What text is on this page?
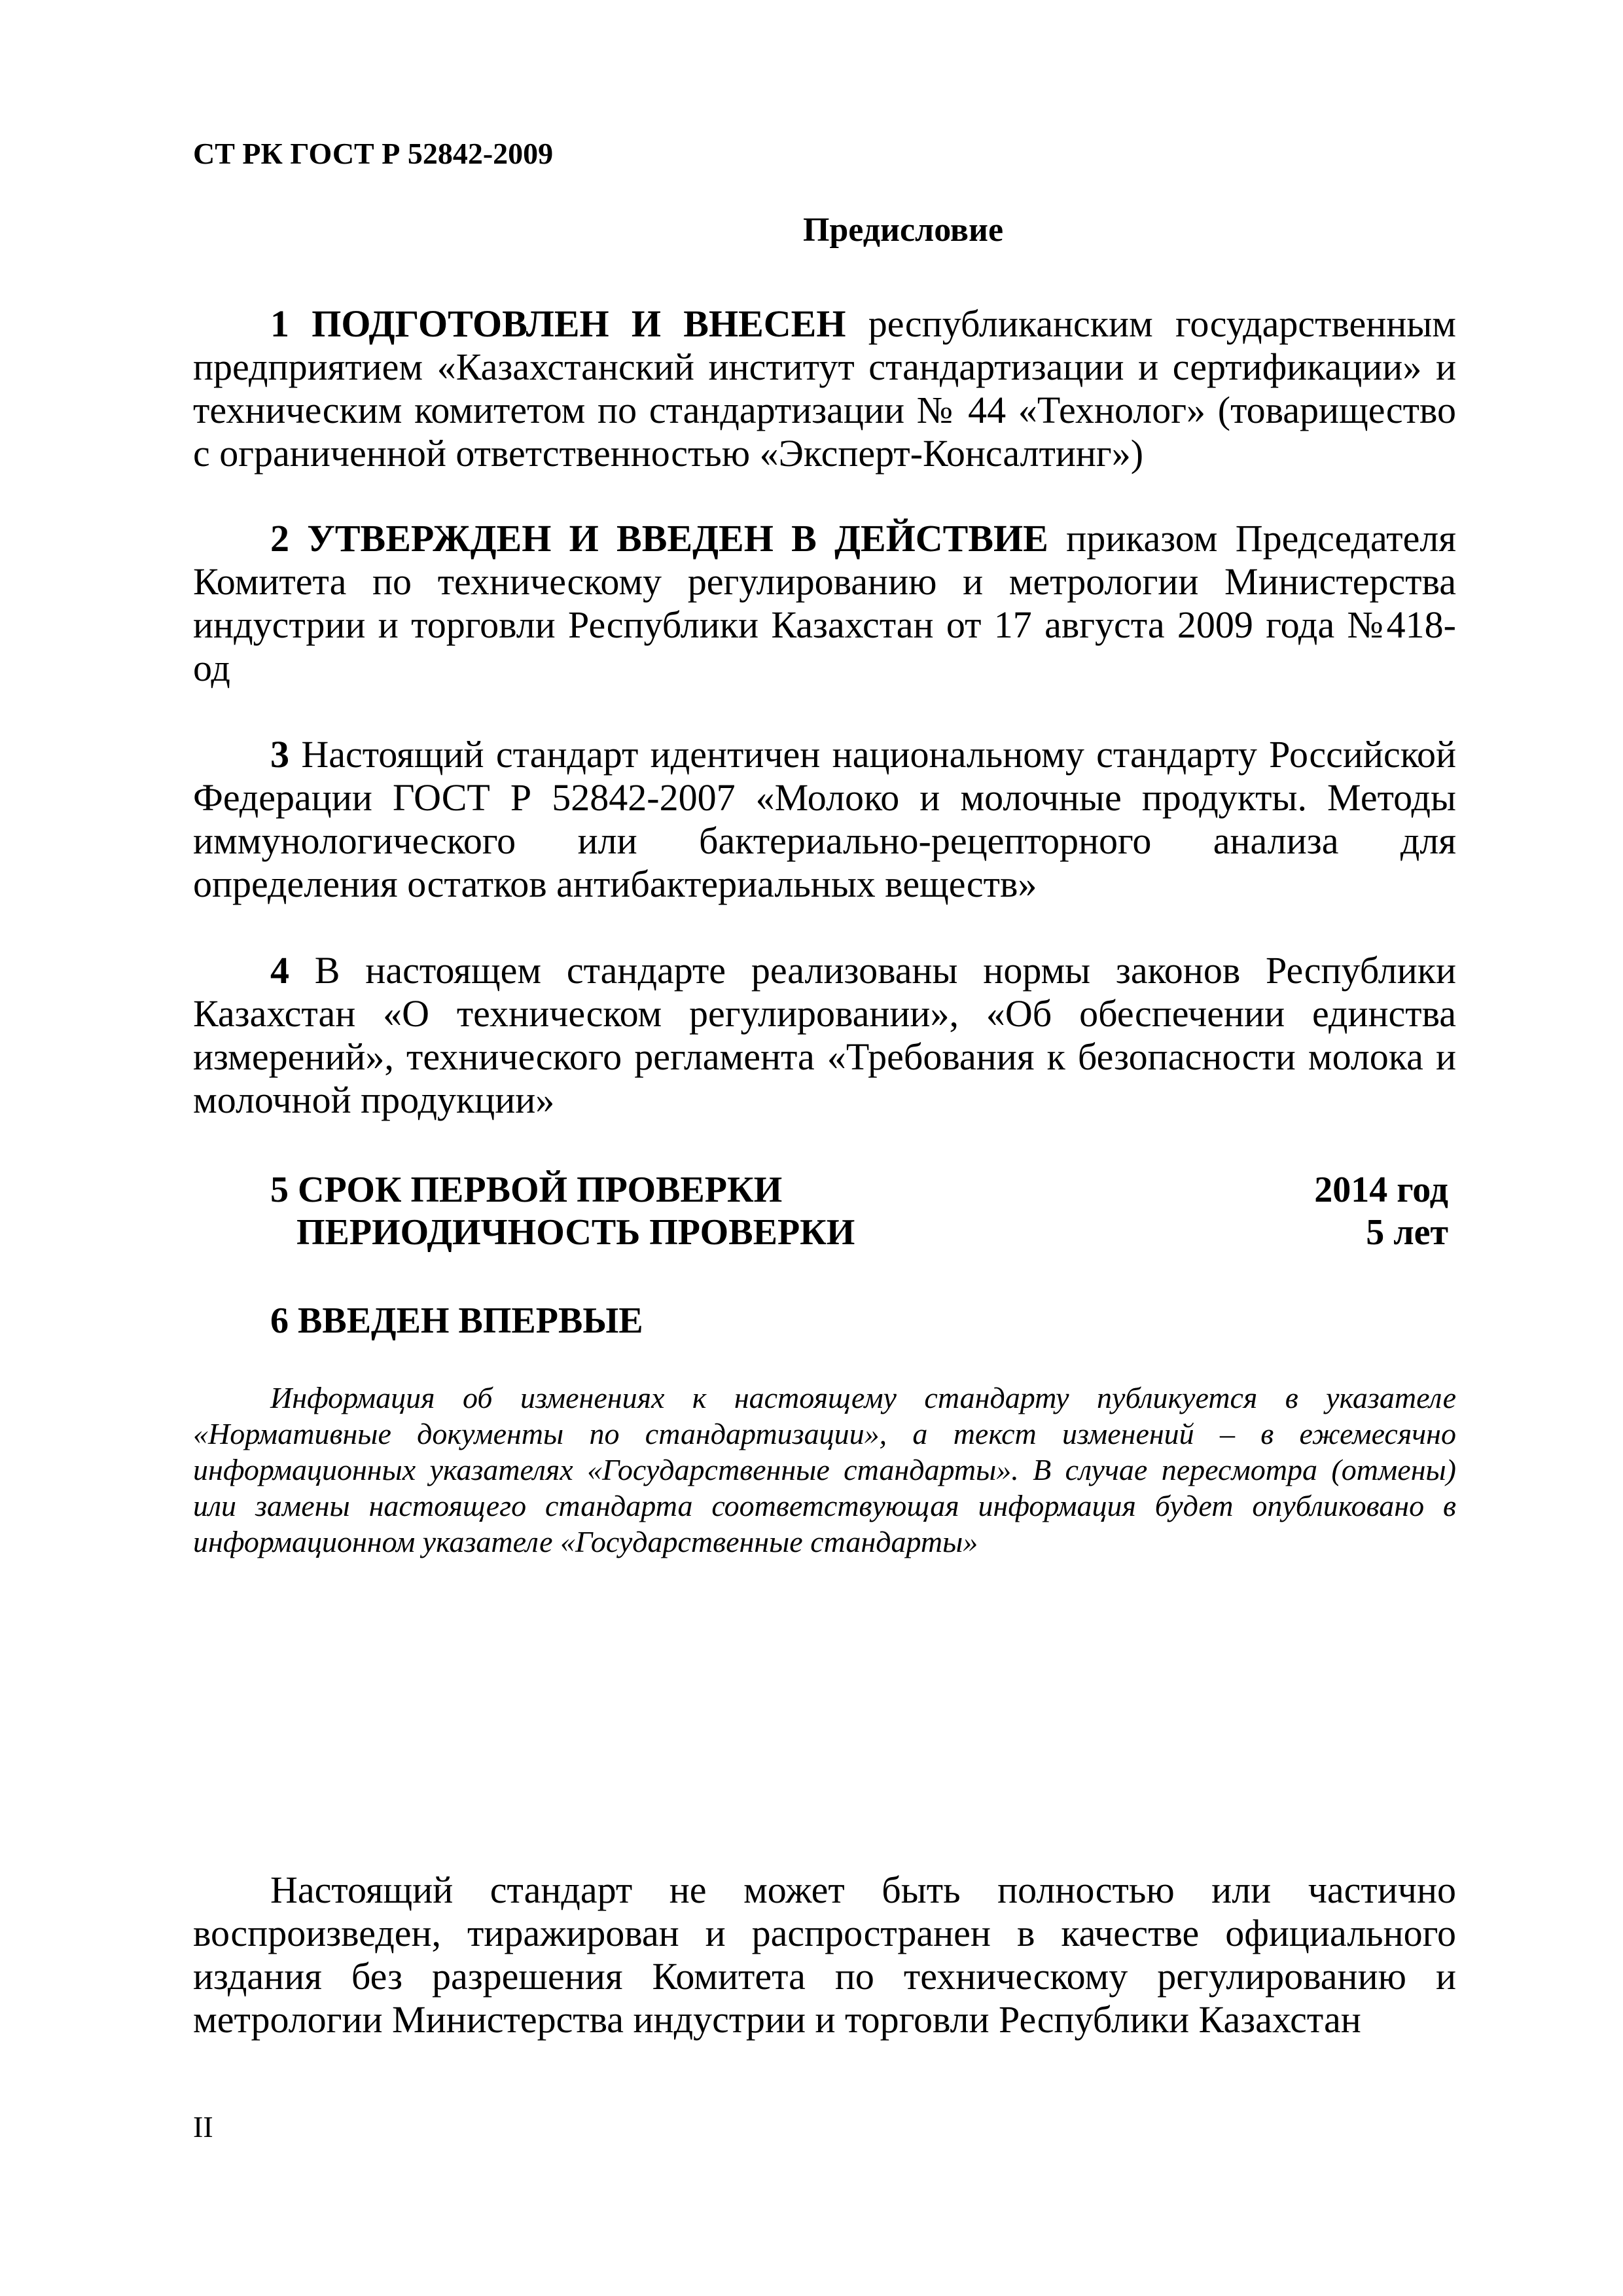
СТ РК ГОСТ Р 52842-2009
Предисловие

1 ПОДГОТОВЛЕН И ВНЕСЕН республиканским государственным предприятием «Казахстанский институт стандартизации и сертификации» и техническим комитетом по стандартизации № 44 «Технолог» (товарищество с ограниченной ответственностью «Эксперт-Консалтинг»)

2 УТВЕРЖДЕН И ВВЕДЕН В ДЕЙСТВИЕ приказом Председателя Комитета по техническому регулированию и метрологии Министерства индустрии и торговли Республики Казахстан от 17 августа 2009 года №418-од

3 Настоящий стандарт идентичен национальному стандарту Российской Федерации ГОСТ Р 52842-2007 «Молоко и молочные продукты. Методы иммунологического или бактериально-рецепторного анализа для определения остатков антибактериальных веществ»

4 В настоящем стандарте реализованы нормы законов Республики Казахстан «О техническом регулировании», «Об обеспечении единства измерений», технического регламента «Требования к безопасности молока и молочной продукции»

5 СРОК ПЕРВОЙ ПРОВЕРКИ	2014 год
ПЕРИОДИЧНОСТЬ ПРОВЕРКИ	5 лет
6 ВВЕДЕН ВПЕРВЫЕ

Информация об изменениях к настоящему стандарту публикуется в указателе «Нормативные документы по стандартизации», а текст изменений – в ежемесячно информационных указателях «Государственные стандарты». В случае пересмотра (отмены) или замены настоящего стандарта соответствующая информация будет опубликовано в информационном указателе «Государственные стандарты»

Настоящий стандарт не может быть полностью или частично воспроизведен, тиражирован и распространен в качестве официального издания без разрешения Комитета по техническому регулированию и метрологии Министерства индустрии и торговли Республики Казахстан

II
